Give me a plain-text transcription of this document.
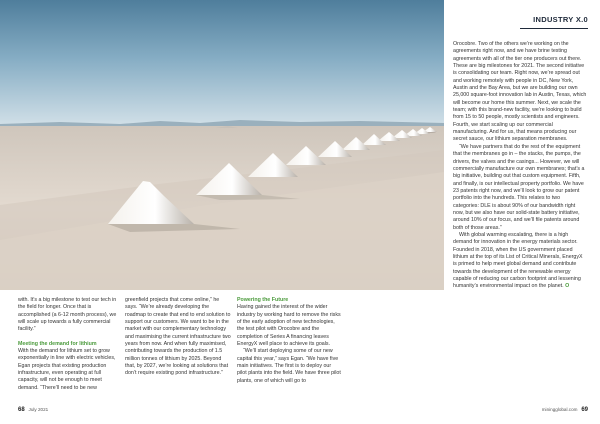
INDUSTRY X.0

with. It’s a big milestone to test our tech in the field for longer. Once that is accomplished (a 6-12 month process), we will scale up towards a fully commercial facility.”

Meeting the demand for lithium

With the demand for lithium set to grow exponentially in line with electric vehicles, Egan projects that existing production infrastructure, even operating at full capacity, will not be enough to meet demand. “There’ll need to be new

greenfield projects that come online,” he says. “We’re already developing the roadmap to create that end to end solution to support our customers. We want to be in the market with our complementary technology and maximising the current infrastructure two years from now. And when fully maximised, contributing towards the production of 1.5 million tonnes of lithium by 2025. Beyond that, by 2027, we’re looking at solutions that don’t require existing pond infrastructure.”

Powering the Future

Having gained the interest of the wider industry by working hard to remove the risks of the early adoption of new technologies, the test pilot with Orocobre and the completion of Series A financing leaves EnergyX well place to achieve its goals.

“We’ll start deploying some of our new capital this year,” says Egan. “We have five main initiatives. The first is to deploy our pilot plants into the field. We have three pilot plants, one of which will go to

Orocobre. Two of the others we’re working on the agreements right now, and we have brine testing agreements with all of the tier one producers out there. These are big milestones for 2021. The second initiative is consolidating our team. Right now, we’re spread out and working remotely with people in DC, New York, Austin and the Bay Area, but we are building our own 25,000 square-foot innovation lab in Austin, Texas, which will become our home this summer. Next, we scale the team; with this brand-new facility, we’re looking to build from 15 to 50 people, mostly scientists and engineers. Fourth, we start scaling up our commercial manufacturing. And for us, that means producing our secret sauce, our lithium separation membranes.

“We have partners that do the rest of the equipment that the membranes go in – the stacks, the pumps, the drivers, the valves and the casings... However, we will commercially manufacture our own membranes; that’s a big initiative, building out that custom equipment. Fifth, and finally, is our intellectual property portfolio. We have 23 patents right now, and we’ll look to grow our patent portfolio into the hundreds. This relates to two categories: DLE is about 90% of our bandwidth right now, but we also have our solid-state battery initiative, around 10% of our focus, and we’ll file patents around both of those areas.”

With global warming escalating, there is a high demand for innovation in the energy materials sector. Founded in 2018, when the US government placed lithium at the top of its List of Critical Minerals, EnergyX is primed to help meet global demand and contribute towards the development of the renewable energy capable of reducing our carbon footprint and lessening humanity’s environmental impact on the planet. O

68 July 2021	miningglobal.com 69
